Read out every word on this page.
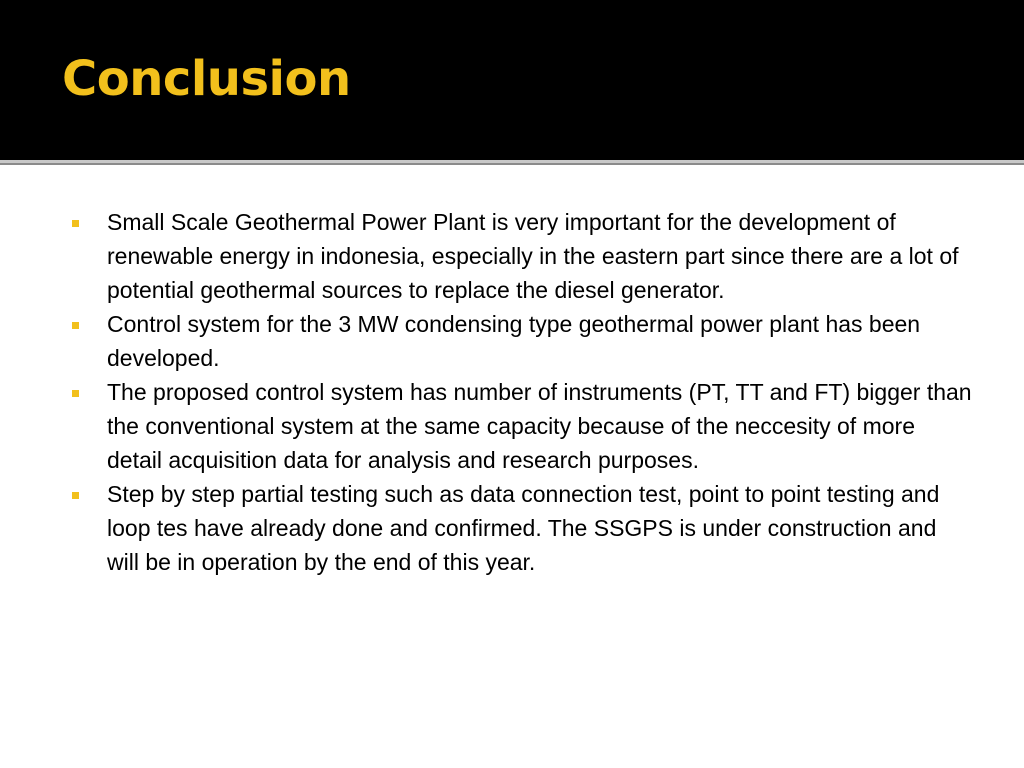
Conclusion
Small Scale Geothermal Power Plant is very important for the development of renewable energy in indonesia, especially in the eastern part since there are a lot of potential geothermal sources to replace the diesel generator.
Control system for the 3 MW condensing type geothermal power plant has been developed.
The proposed control system has number of instruments (PT, TT and FT) bigger than the conventional system at the same capacity because of the neccesity of more detail acquisition data for analysis and research purposes.
Step by step partial testing such as data connection test, point to point testing and loop tes have already done and confirmed. The SSGPS is under construction and will be in operation by the end of this year.
